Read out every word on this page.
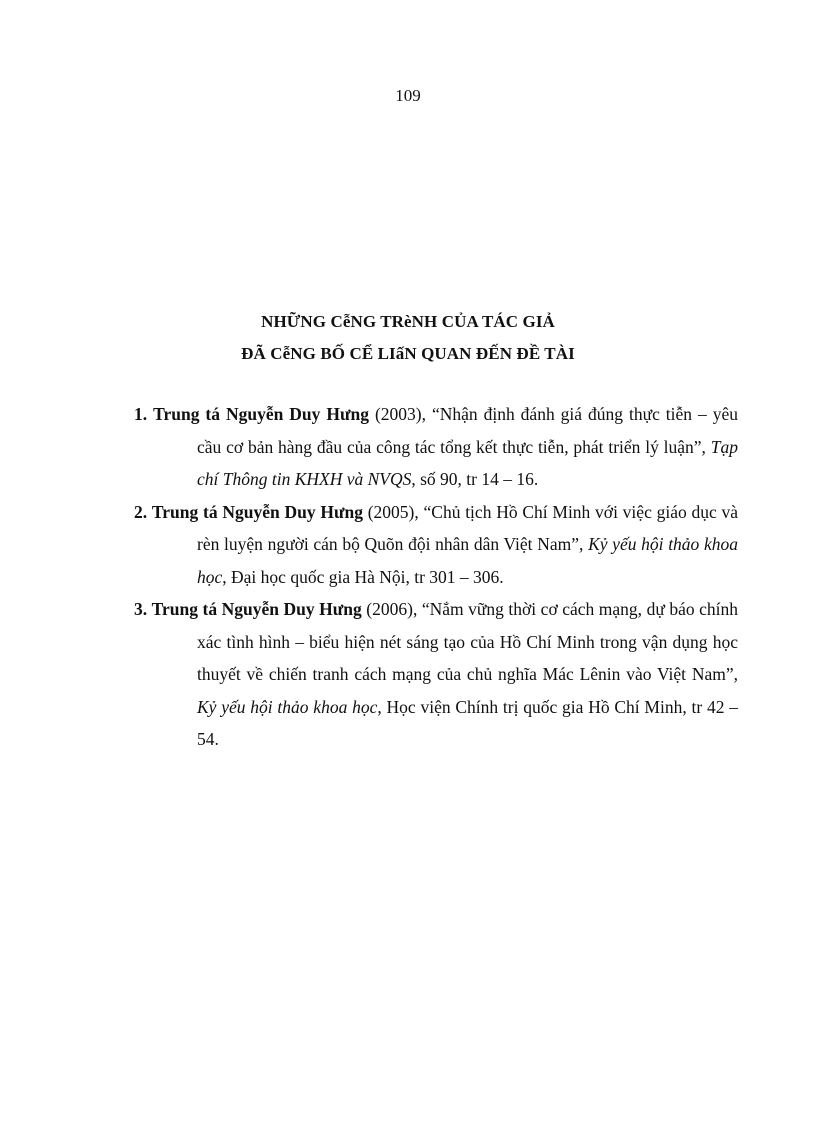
109
NHỮNG CễNG TRèNH CỦA TÁC GIẢ
ĐÃ CễNG BỐ CỂ LIấN QUAN ĐẾN ĐỀ TÀI
1. Trung tá Nguyễn Duy Hưng (2003), “Nhận định đánh giá đúng thực tiễn – yêu cầu cơ bản hàng đầu của công tác tổng kết thực tiễn, phát triển lý luận”, Tạp chí Thông tin KHXH và NVQS, số 90, tr 14 – 16.
2. Trung tá Nguyễn Duy Hưng (2005), “Chủ tịch Hồ Chí Minh với việc giáo dục và rèn luyện người cán bộ Quõn đội nhân dân Việt Nam”, Kỷ yếu hội thảo khoa học, Đại học quốc gia Hà Nội, tr 301 – 306.
3. Trung tá Nguyễn Duy Hưng (2006), “Nắm vững thời cơ cách mạng, dự báo chính xác tình hình – biểu hiện nét sáng tạo của Hồ Chí Minh trong vận dụng học thuyết về chiến tranh cách mạng của chủ nghĩa Mác Lênin vào Việt Nam”, Kỷ yếu hội thảo khoa học, Học viện Chính trị quốc gia Hồ Chí Minh, tr 42 – 54.
